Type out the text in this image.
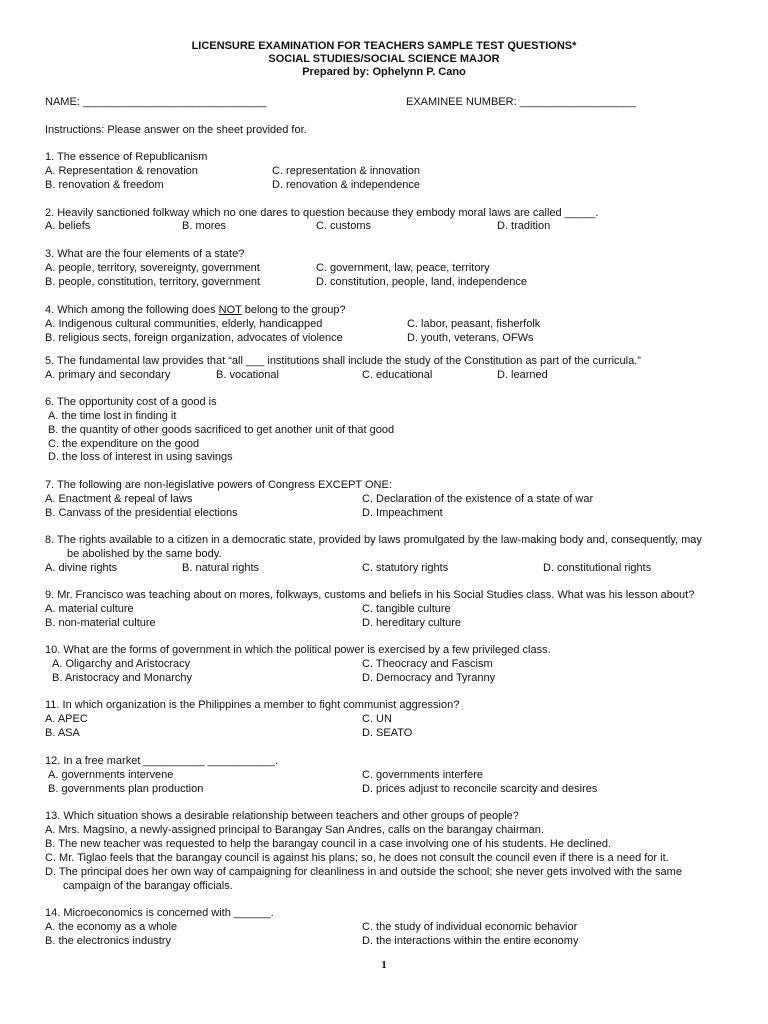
LICENSURE EXAMINATION FOR TEACHERS SAMPLE TEST QUESTIONS*
SOCIAL STUDIES/SOCIAL SCIENCE MAJOR
Prepared by: Ophelynn P. Cano
NAME: ______________________________	EXAMINEE NUMBER: ___________________
Instructions: Please answer on the sheet provided for.
1. The essence of Republicanism
A. Representation & renovation	C. representation & innovation
B. renovation & freedom	D. renovation & independence
2. Heavily sanctioned folkway which no one dares to question because they embody moral laws are called _____.
A. beliefs	B. mores	C. customs	D. tradition
3. What are the four elements of a state?
A. people, territory, sovereignty, government	C. government, law, peace, territory
B. people, constitution, territory, government	D. constitution, people, land, independence
4. Which among the following does NOT belong to the group?
A. Indigenous cultural communities, elderly, handicapped	C. labor, peasant, fisherfolk
B. religious sects, foreign organization, advocates of violence	D. youth, veterans, OFWs
5. The fundamental law provides that “all ___ institutions shall include the study of the Constitution as part of the curricula.”
A. primary and secondary	B. vocational	C. educational	D. learned
6. The opportunity cost of a good is
A. the time lost in finding it
B. the quantity of other goods sacrificed to get another unit of that good
C. the expenditure on the good
D. the loss of interest in using savings
7. The following are non-legislative powers of Congress EXCEPT ONE:
A. Enactment & repeal of laws	C. Declaration of the existence of a state of war
B. Canvass of the presidential elections	D. Impeachment
8. The rights available to a citizen in a democratic state, provided by laws promulgated by the law-making body and, consequently, may
be abolished by the same body.
A. divine rights	B. natural rights	C. statutory rights	D. constitutional rights
9. Mr. Francisco was teaching about on mores, folkways, customs and beliefs in his Social Studies class. What was his lesson about?
A. material culture	C. tangible culture
B. non-material culture	D. hereditary culture
10. What are the forms of government in which the political power is exercised by a few privileged class.
A. Oligarchy and Aristocracy	C. Theocracy and Fascism
B. Aristocracy and Monarchy	D. Democracy and Tyranny
11. In which organization is the Philippines a member to fight communist aggression?
A. APEC	C. UN
B. ASA	D. SEATO
12. In a free market __________ ___________.
A. governments intervene	C. governments interfere
B. governments plan production	D. prices adjust to reconcile scarcity and desires
13. Which situation shows a desirable relationship between teachers and other groups of people?
A. Mrs. Magsino, a newly-assigned principal to Barangay San Andres, calls on the barangay chairman.
B. The new teacher was requested to help the barangay council in a case involving one of his students. He declined.
C. Mr. Tiglao feels that the barangay council is against his plans; so, he does not consult the council even if there is a need for it.
D. The principal does her own way of campaigning for cleanliness in and outside the school; she never gets involved with the same
campaign of the barangay officials.
14. Microeconomics is concerned with ______.
A. the economy as a whole	C. the study of individual economic behavior
B. the electronics industry	D. the interactions within the entire economy
1
